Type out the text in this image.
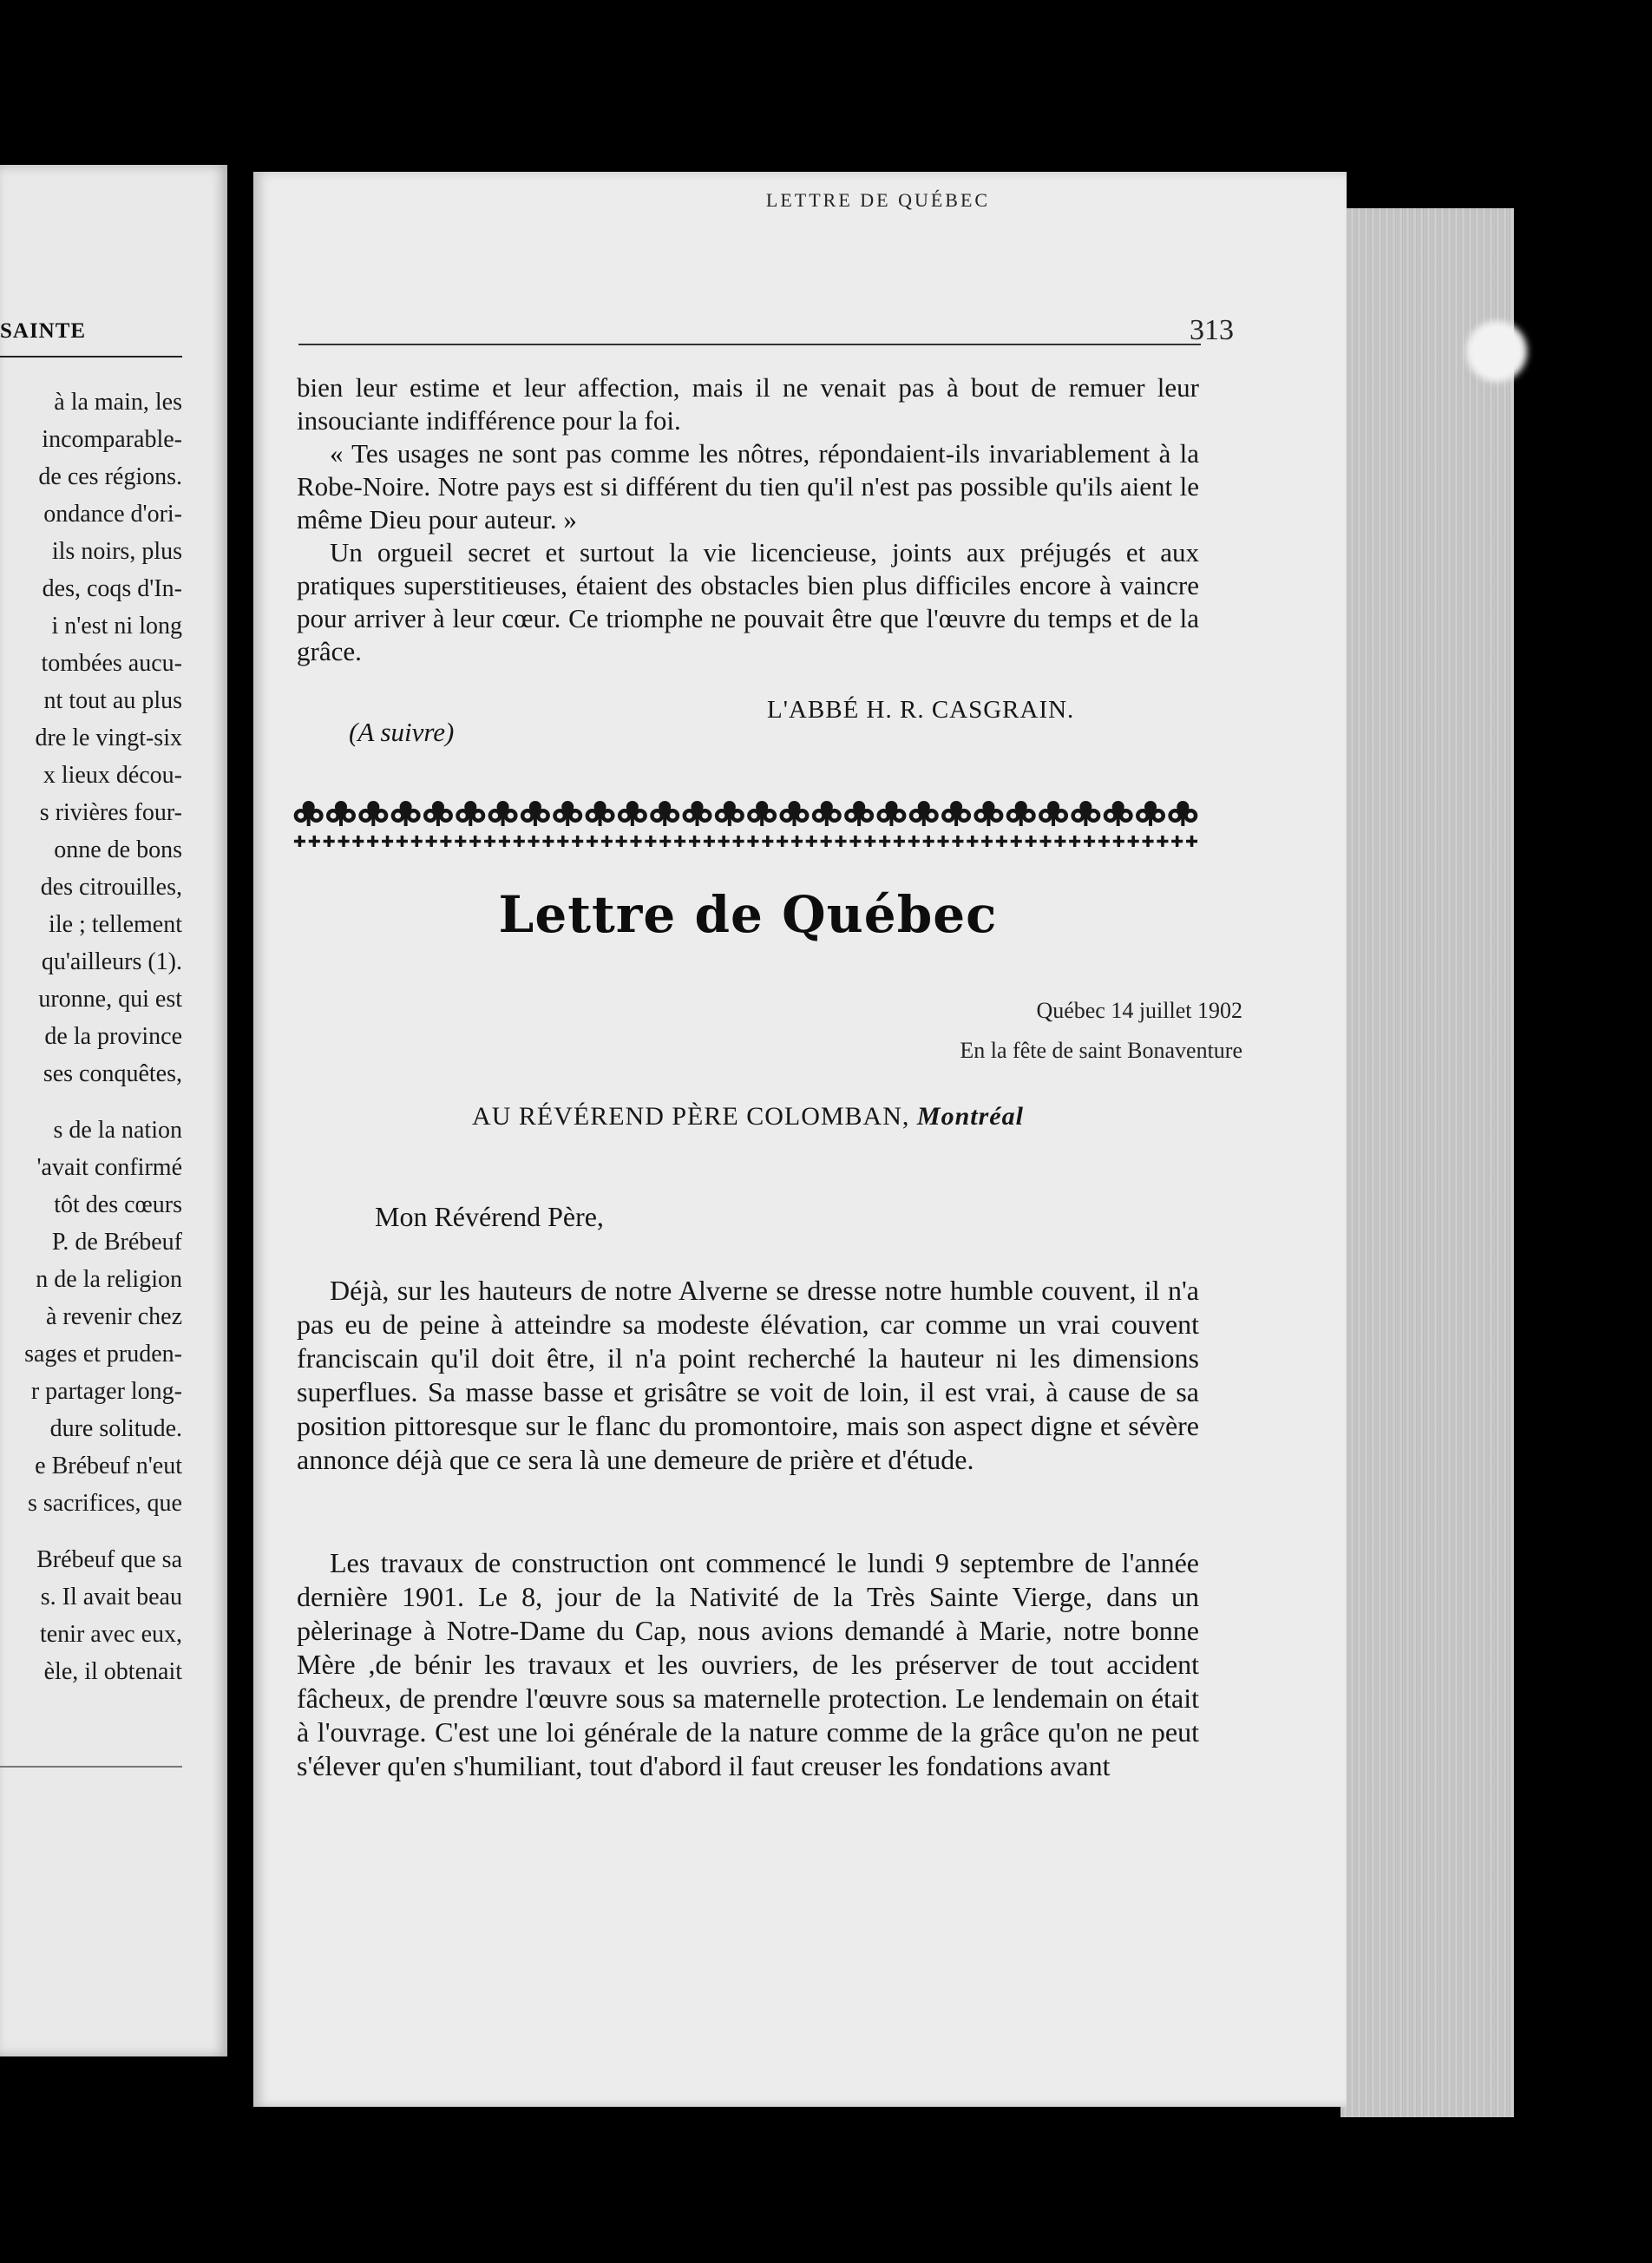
SAINTE
à la main, les
incomparable-
de ces régions.
ondance d'ori-
ils noirs, plus
des, coqs d'In-
i n'est ni long
tombées aucu-
nt tout au plus
dre le vingt-six
x lieux décou-
s rivières four-
onne de bons
des citrouilles,
ile ; tellement
qu'ailleurs (1).
uronne, qui est
de la province
ses conquêtes,
s de la nation
'avait confirmé
tôt des cœurs
P. de Brébeuf
n de la religion
à revenir chez
sages et pruden-
r partager long-
dure solitude.
e Brébeuf n'eut
s sacrifices, que
Brébeuf que sa
s. Il avait beau
tenir avec eux,
èle, il obtenait
LETTRE DE QUÉBEC
313
bien leur estime et leur affection, mais il ne venait pas à bout de remuer leur insouciante indifférence pour la foi.
« Tes usages ne sont pas comme les nôtres, répondaient-ils invariablement à la Robe-Noire. Notre pays est si différent du tien qu'il n'est pas possible qu'ils aient le même Dieu pour auteur. »
Un orgueil secret et surtout la vie licencieuse, joints aux préjugés et aux pratiques superstitieuses, étaient des obstacles bien plus difficiles encore à vaincre pour arriver à leur cœur. Ce triomphe ne pouvait être que l'œuvre du temps et de la grâce.
L'ABBÉ H. R. CASGRAIN.
(A suivre)
✚ ✚ ✚ ✚ ✚ ✚ ✚ ✚ ✚ ✚ ✚ ✚ ✚ ✚ ✚ ✚ ✚ ✚ ✚ ✚ ✚ ✚ ✚ ✚ ✚ ✚ ✚ ✚ ✚ ✚ ✚ ✚ ✚ ✚ ✚ ✚ ✚ ✚ ✚ ✚ ✚ ✚ ✚ ✚ ✚ ✚ ✚ ✚ ✚ ✚ ✚ ✚ ✚ ✚ ✚ ✚ ✚ ✚ ✚ ✚ ✚ ✚
Lettre de Québec
Québec 14 juillet 1902
En la fête de saint Bonaventure
AU RÉVÉREND PÈRE COLOMBAN, Montréal
Mon Révérend Père,
Déjà, sur les hauteurs de notre Alverne se dresse notre humble couvent, il n'a pas eu de peine à atteindre sa modeste élévation, car comme un vrai couvent franciscain qu'il doit être, il n'a point recherché la hauteur ni les dimensions superflues. Sa masse basse et grisâtre se voit de loin, il est vrai, à cause de sa position pittoresque sur le flanc du promontoire, mais son aspect digne et sévère annonce déjà que ce sera là une demeure de prière et d'étude.
Les travaux de construction ont commencé le lundi 9 septembre de l'année dernière 1901. Le 8, jour de la Nativité de la Très Sainte Vierge, dans un pèlerinage à Notre-Dame du Cap, nous avions demandé à Marie, notre bonne Mère ,de bénir les travaux et les ouvriers, de les préserver de tout accident fâcheux, de prendre l'œuvre sous sa maternelle protection. Le lendemain on était à l'ouvrage. C'est une loi générale de la nature comme de la grâce qu'on ne peut s'élever qu'en s'humiliant, tout d'abord il faut creuser les fondations avant
